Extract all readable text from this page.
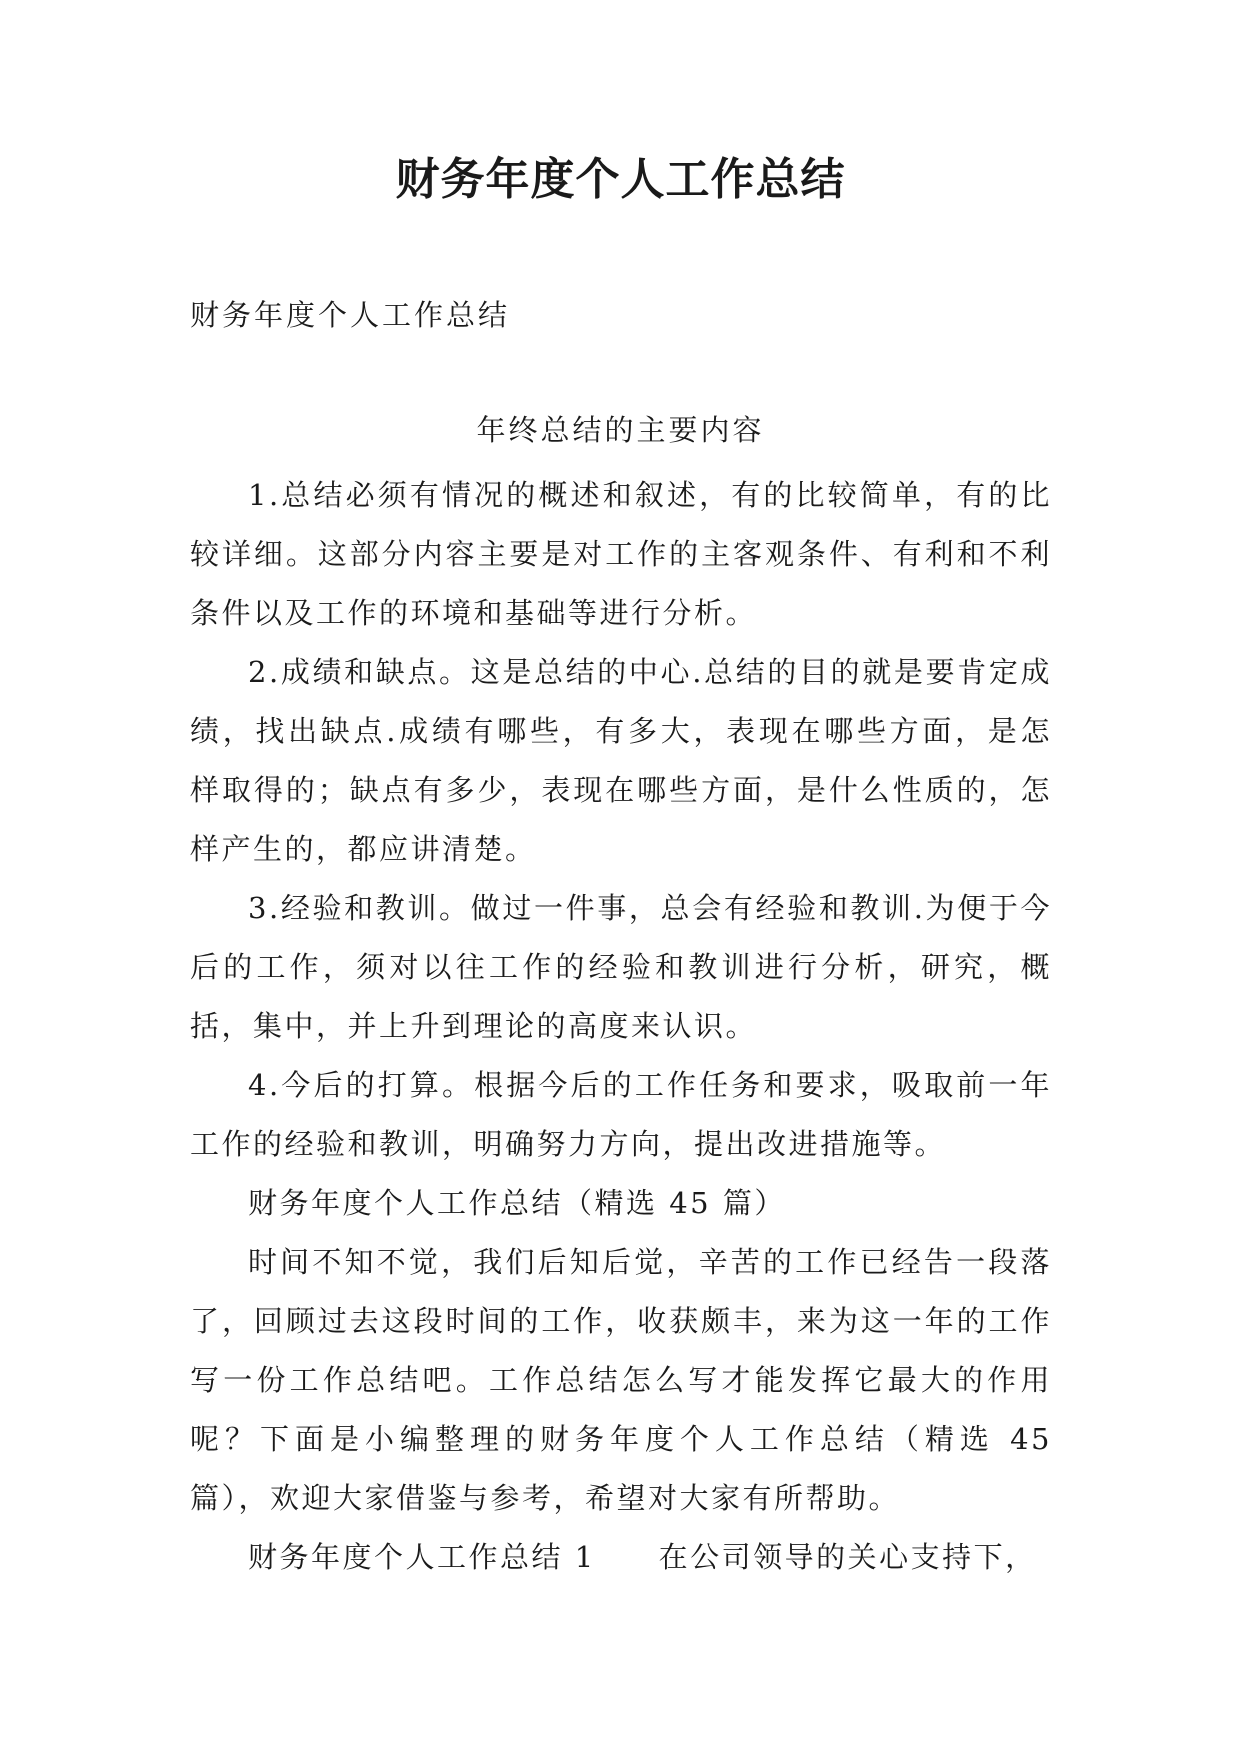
财务年度个人工作总结

财务年度个人工作总结

年终总结的主要内容

1.总结必须有情况的概述和叙述，有的比较简单，有的比较详细。这部分内容主要是对工作的主客观条件、有利和不利条件以及工作的环境和基础等进行分析。

2.成绩和缺点。这是总结的中心.总结的目的就是要肯定成绩，找出缺点.成绩有哪些，有多大，表现在哪些方面，是怎样取得的；缺点有多少，表现在哪些方面，是什么性质的，怎样产生的，都应讲清楚。

3.经验和教训。做过一件事，总会有经验和教训.为便于今后的工作，须对以往工作的经验和教训进行分析，研究，概括，集中，并上升到理论的高度来认识。

4.今后的打算。根据今后的工作任务和要求，吸取前一年工作的经验和教训，明确努力方向，提出改进措施等。

财务年度个人工作总结（精选 45 篇）

时间不知不觉，我们后知后觉，辛苦的工作已经告一段落了，回顾过去这段时间的工作，收获颇丰，来为这一年的工作写一份工作总结吧。工作总结怎么写才能发挥它最大的作用呢？下面是小编整理的财务年度个人工作总结（精选 45 篇），欢迎大家借鉴与参考，希望对大家有所帮助。

财务年度个人工作总结 1　　在公司领导的关心支持下，
